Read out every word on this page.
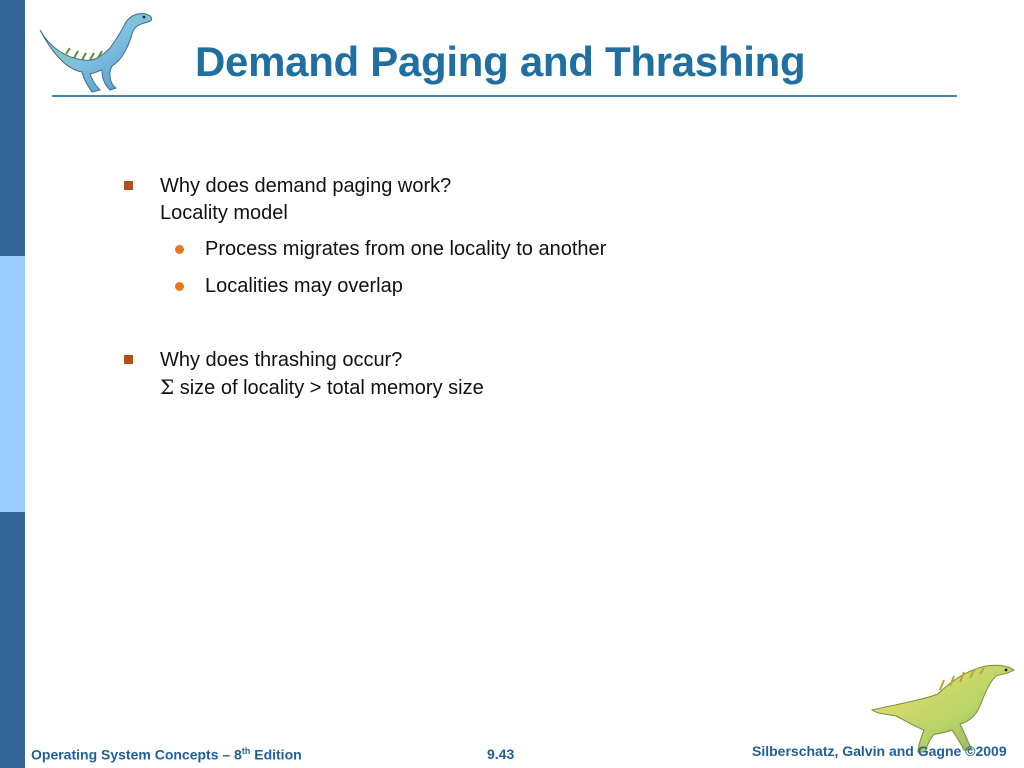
Demand Paging and Thrashing
Why does demand paging work?
Locality model
Process migrates from one locality to another
Localities may overlap
Why does thrashing occur?
Σ size of locality > total memory size
Operating System Concepts – 8th Edition	9.43	Silberschatz, Galvin and Gagne ©2009
